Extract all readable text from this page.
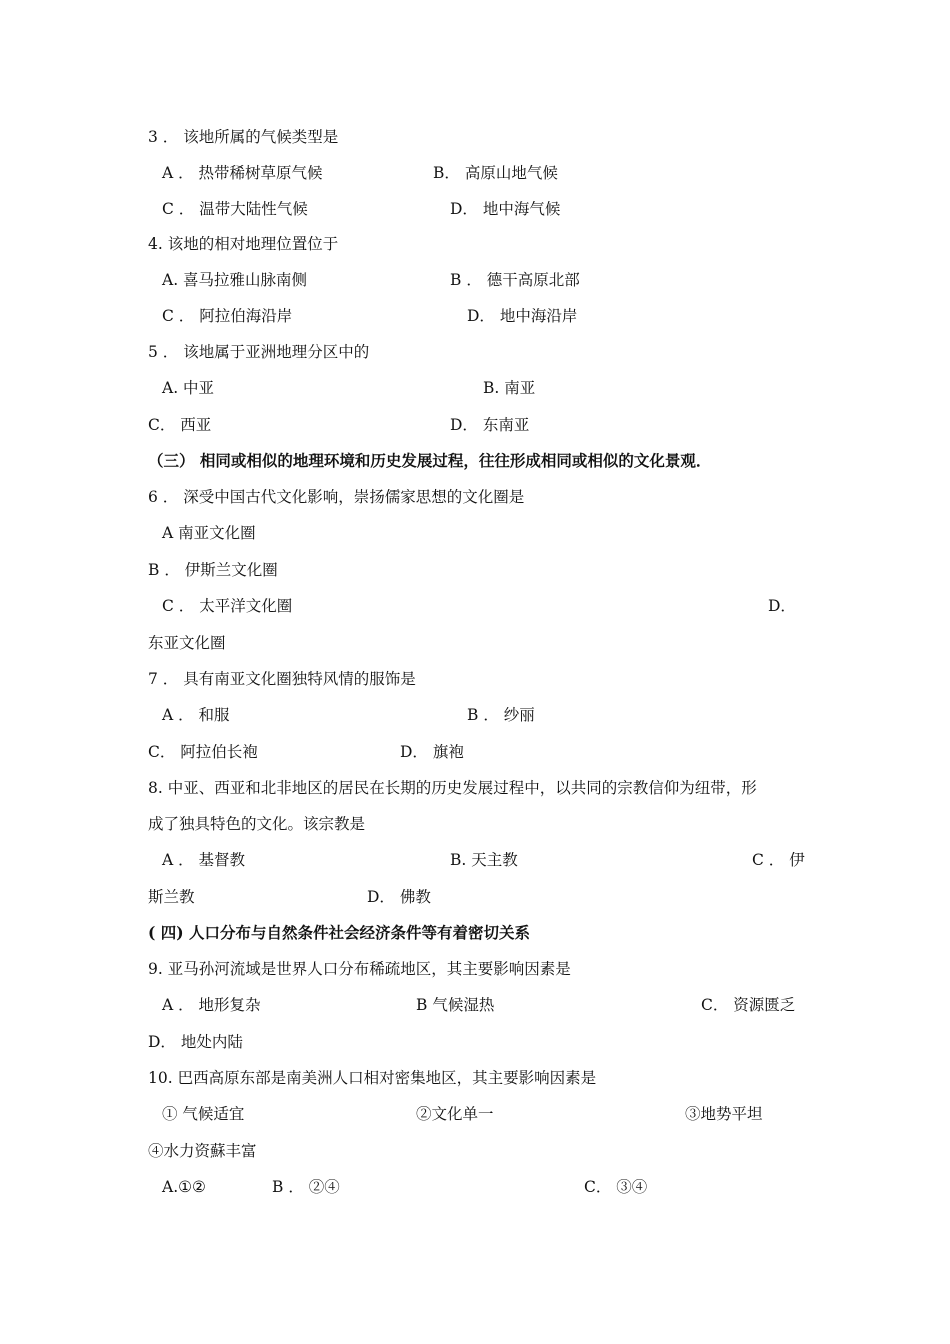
3 ． 该地所属的气候类型是
A ． 热带稀树草原气候	B． 高原山地气候
C ． 温带大陆性气候	D． 地中海气候
4. 该地的相对地理位置位于
A. 喜马拉雅山脉南侧	B ． 德干高原北部
C ． 阿拉伯海沿岸	D． 地中海沿岸
5 ． 该地属于亚洲地理分区中的
A. 中亚	B. 南亚
C． 西亚	D． 东南亚
（三） 相同或相似的地理环境和历史发展过程，往往形成相同或相似的文化景观．
6 ． 深受中国古代文化影响，崇扬儒家思想的文化圈是
A 南亚文化圈
B ． 伊斯兰文化圈
C ． 太平洋文化圈	D．
东亚文化圈
7 ． 具有南亚文化圈独特风情的服饰是
A ． 和服	B ． 纱丽
C． 阿拉伯长袍	D． 旗袍
8. 中亚、西亚和北非地区的居民在长期的历史发展过程中，以共同的宗教信仰为纽带，形
成了独具特色的文化。该宗教是
A ． 基督教	B. 天主教	C ． 伊
斯兰教	D． 佛教
( 四) 人口分布与自然条件社会经济条件等有着密切关系
9. 亚马孙河流域是世界人口分布稀疏地区，其主要影响因素是
A ． 地形复杂	B 气候湿热	C． 资源匮乏
D． 地处内陆
10. 巴西高原东部是南美洲人口相对密集地区，其主要影响因素是
① 气候适宜	②文化单一	③地势平坦
④水力资蘇丰富
A.①②	B ． ②④	C． ③④
